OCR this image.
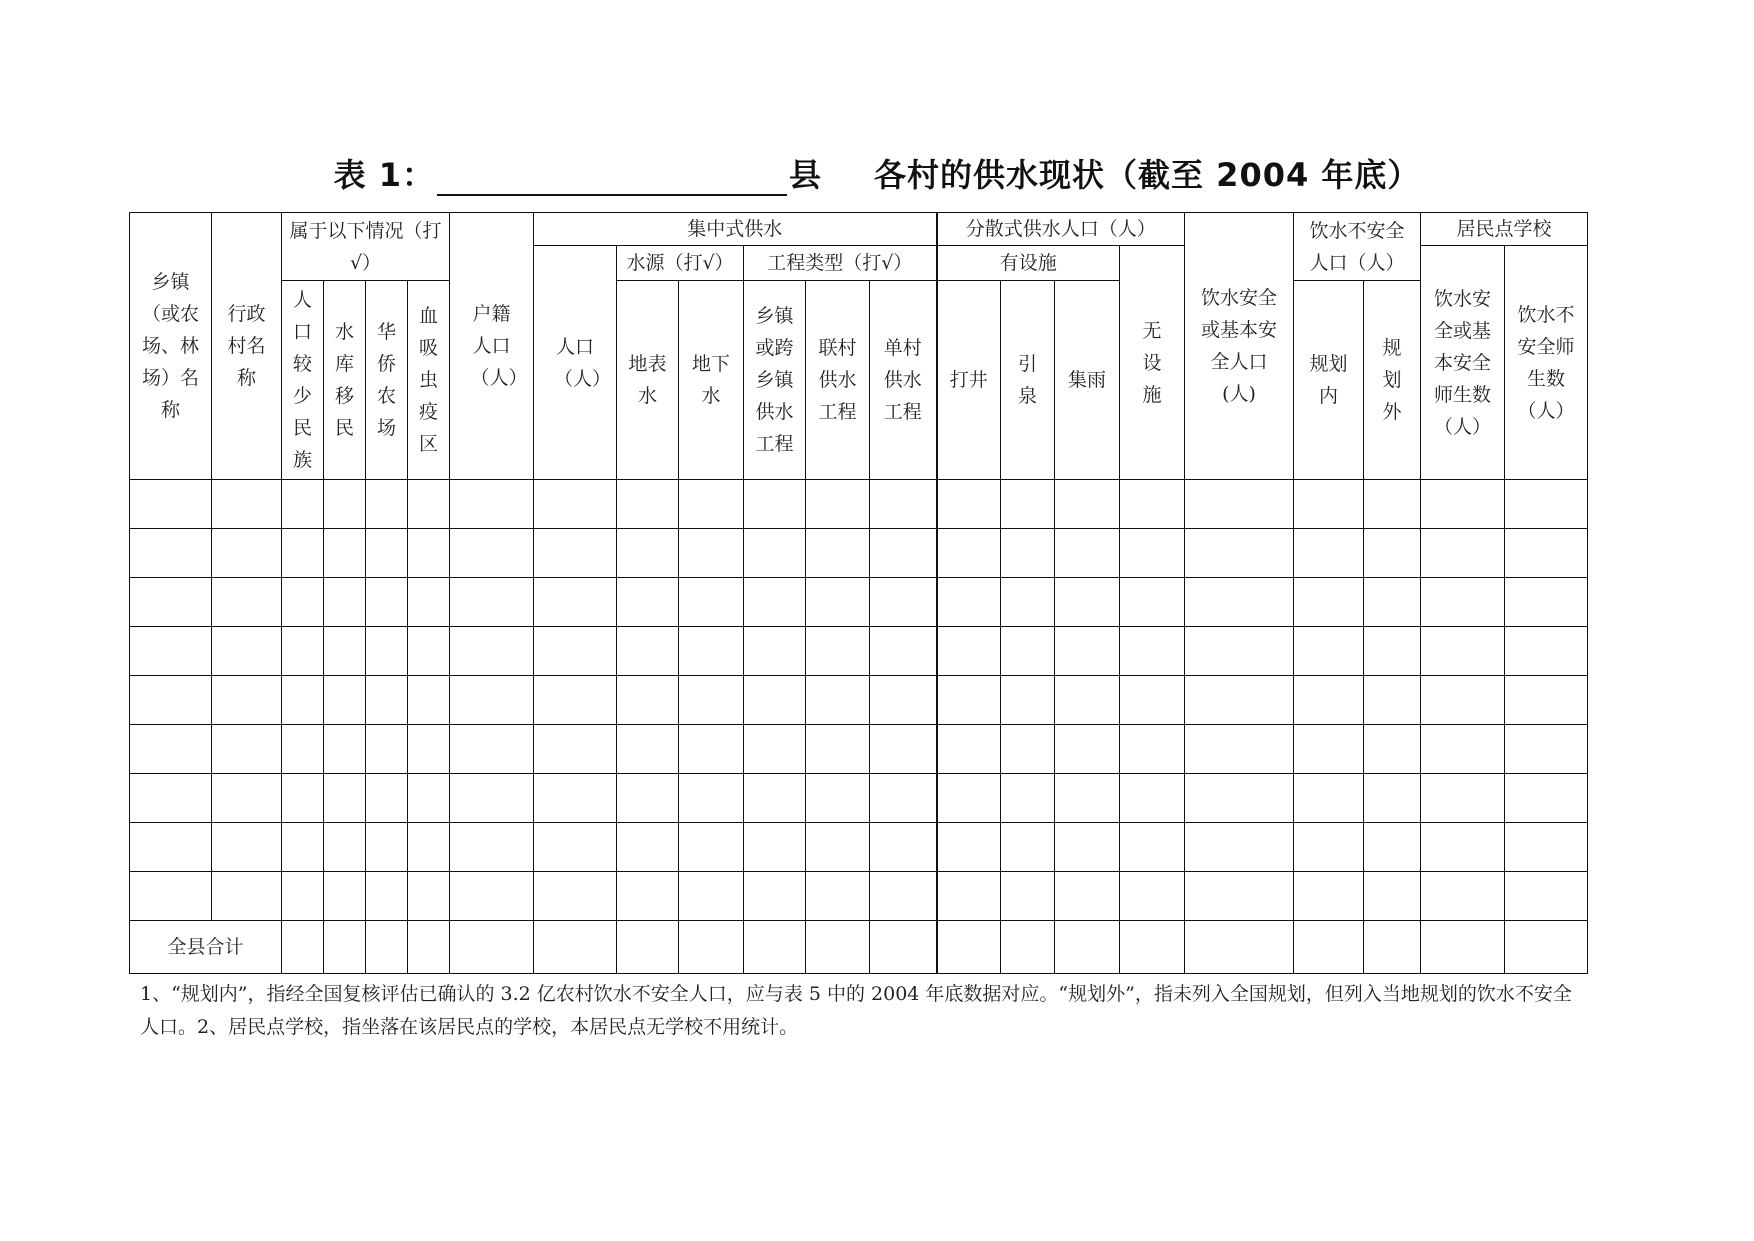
表 1：	县 各村的供水现状（截至 2004 年底）
乡镇（或农场、林场）名称	行政村名称	属于以下情况（打√）				户籍人口（人）	集中式供水						分散式供水人口（人）				饮水安全或基本安全人口(人)	饮水不安全人口（人）		居民点学校	

							人口（人）	水源（打√）		工程类型（打√）			有设施			无设施				饮水安全或基本安全师生数（人）	饮水不安全师生数（人）

		人口较少民族	水库移民	华侨农场	血吸虫疫区			地表水	地下水	乡镇或跨乡镇供水工程	联村供水工程	单村供水工程	打井	引泉	集雨			规划内	规划外		

全县合计																					
1、“规划内”，指经全国复核评估已确认的 3.2 亿农村饮水不安全人口，应与表 5 中的 2004 年底数据对应。“规划外”，指未列入全国规划，但列入当地规划的饮水不安全人口。2、居民点学校，指坐落在该居民点的学校，本居民点无学校不用统计。
